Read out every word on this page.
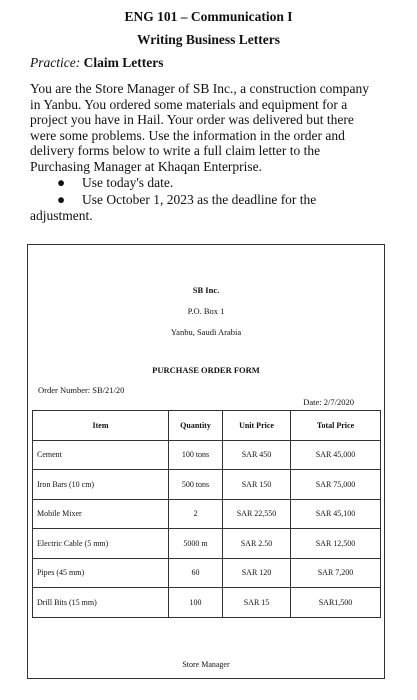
ENG 101 – Communication I
Writing Business Letters
Practice: Claim Letters
You are the Store Manager of SB Inc., a construction company in Yanbu. You ordered some materials and equipment for a project you have in Hail. Your order was delivered but there were some problems. Use the information in the order and delivery forms below to write a full claim letter to the Purchasing Manager at Khaqan Enterprise.
● Use today's date.
● Use October 1, 2023 as the deadline for the
adjustment.
SB Inc.
P.O. Box 1
Yanbu, Saudi Arabia
PURCHASE ORDER FORM
Order Number: SB/21/20
Date: 2/7/2020
Item	Quantity	Unit Price	Total Price
Cement	100 tons	SAR 450	SAR 45,000
Iron Bars (10 cm)	500 tons	SAR 150	SAR 75,000
Mobile Mixer	2	SAR 22,550	SAR 45,100
Electric Cable (5 mm)	5000 m	SAR 2.50	SAR 12,500
Pipes (45 mm)	60	SAR 120	SAR 7,200
Drill Bits (15 mm)	100	SAR 15	SAR1,500
Store Manager
